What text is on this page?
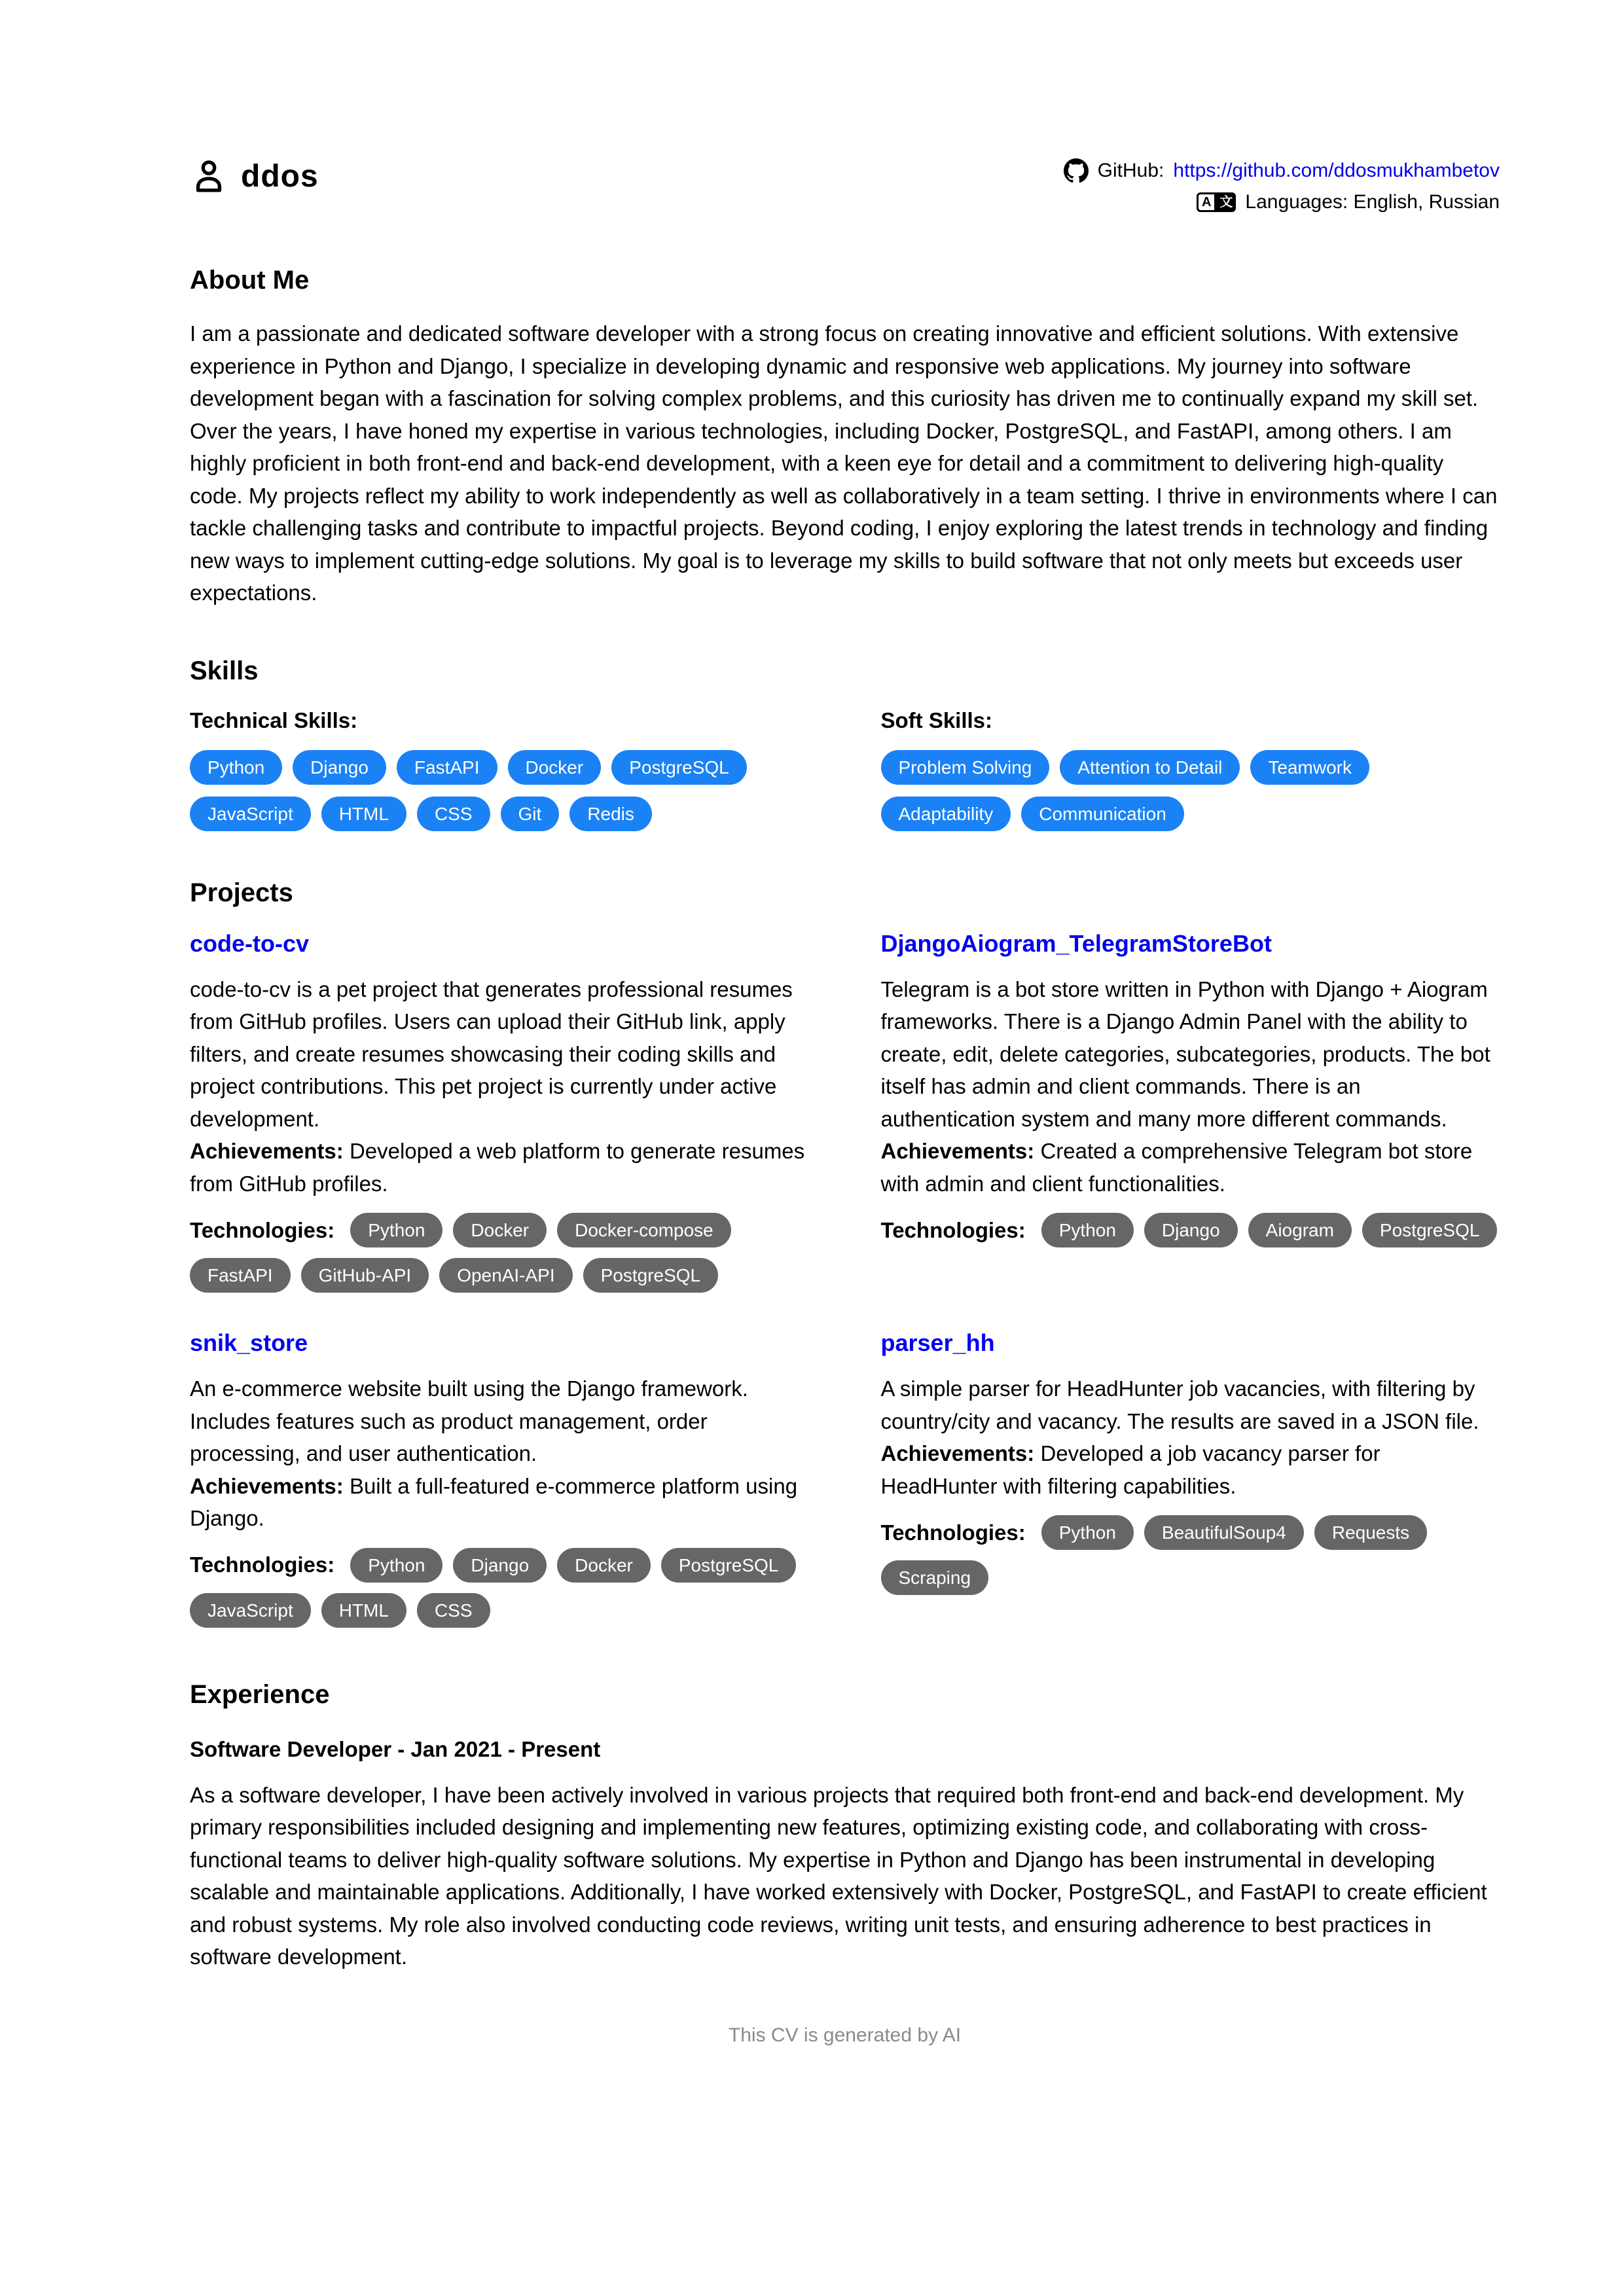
ddos	GitHub: https://github.com/ddosmukhambetov
A 文 Languages: English, Russian
About Me

I am a passionate and dedicated software developer with a strong focus on creating innovative and efficient solutions. With extensive experience in Python and Django, I specialize in developing dynamic and responsive web applications. My journey into software development began with a fascination for solving complex problems, and this curiosity has driven me to continually expand my skill set. Over the years, I have honed my expertise in various technologies, including Docker, PostgreSQL, and FastAPI, among others. I am highly proficient in both front-end and back-end development, with a keen eye for detail and a commitment to delivering high-quality code. My projects reflect my ability to work independently as well as collaboratively in a team setting. I thrive in environments where I can tackle challenging tasks and contribute to impactful projects. Beyond coding, I enjoy exploring the latest trends in technology and finding new ways to implement cutting-edge solutions. My goal is to leverage my skills to build software that not only meets but exceeds user expectations.

Skills

Technical Skills:

Python	Django	FastAPI	Docker	PostgreSQL
JavaScript	HTML	CSS	Git	Redis

Soft Skills:

Problem Solving	Attention to Detail	Teamwork
Adaptability	Communication
Projects
code-to-cv

code-to-cv is a pet project that generates professional resumes from GitHub profiles. Users can upload their GitHub link, apply filters, and create resumes showcasing their coding skills and project contributions. This pet project is currently under active development.

Achievements: Developed a web platform to generate resumes from GitHub profiles.

Technologies:	Python	Docker	Docker-compose
FastAPI	GitHub-API	OpenAI-API	PostgreSQL
DjangoAiogram_TelegramStoreBot

Telegram is a bot store written in Python with Django + Aiogram frameworks. There is a Django Admin Panel with the ability to create, edit, delete categories, subcategories, products. The bot itself has admin and client commands. There is an authentication system and many more different commands.

Achievements: Created a comprehensive Telegram bot store with admin and client functionalities.

Technologies:	Python	Django	Aiogram	PostgreSQL
snik_store

An e-commerce website built using the Django framework. Includes features such as product management, order processing, and user authentication.

Achievements: Built a full-featured e-commerce platform using Django.

Technologies:	Python	Django	Docker	PostgreSQL
JavaScript	HTML	CSS
parser_hh

A simple parser for HeadHunter job vacancies, with filtering by country/city and vacancy. The results are saved in a JSON file.

Achievements: Developed a job vacancy parser for HeadHunter with filtering capabilities.

Technologies:	Python	BeautifulSoup4	Requests
Scraping
Experience

Software Developer - Jan 2021 - Present

As a software developer, I have been actively involved in various projects that required both front-end and back-end development. My primary responsibilities included designing and implementing new features, optimizing existing code, and collaborating with cross-functional teams to deliver high-quality software solutions. My expertise in Python and Django has been instrumental in developing scalable and maintainable applications. Additionally, I have worked extensively with Docker, PostgreSQL, and FastAPI to create efficient and robust systems. My role also involved conducting code reviews, writing unit tests, and ensuring adherence to best practices in software development.

This CV is generated by AI
